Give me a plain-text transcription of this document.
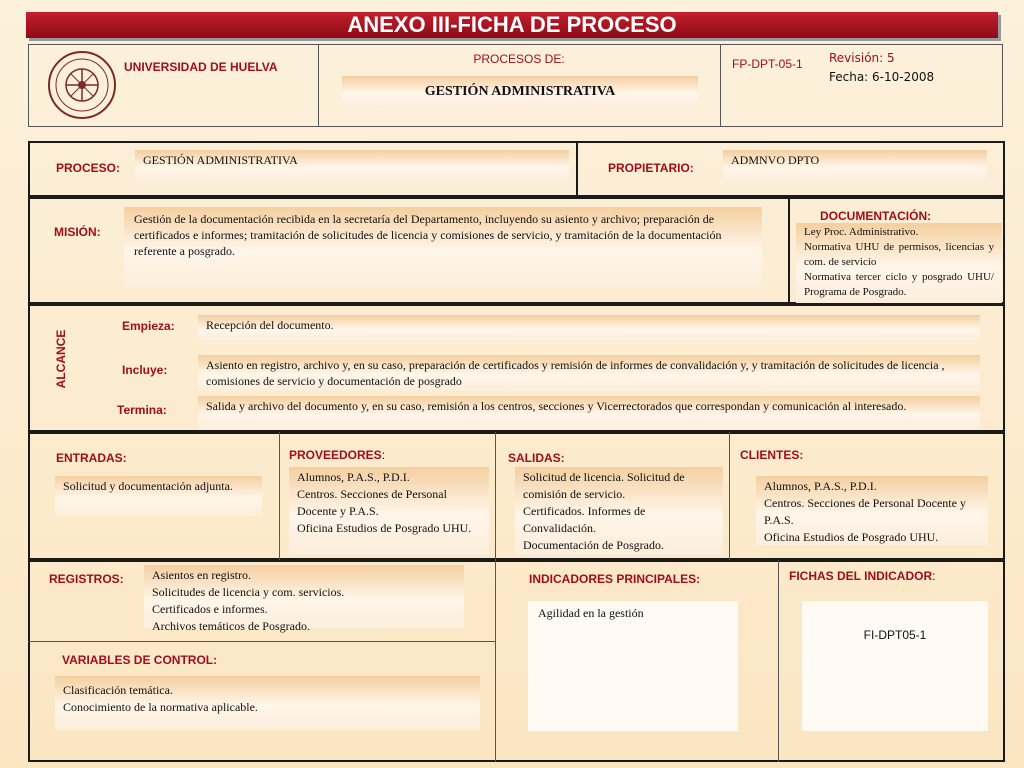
ANEXO III-FICHA DE PROCESO
UNIVERSIDAD DE HUELVA
PROCESOS DE:
GESTIÓN ADMINISTRATIVA
FP-DPT-05-1 Revisión: 5
Fecha: 6-10-2008
PROCESO:
GESTIÓN ADMINISTRATIVA
PROPIETARIO:
ADMNVO DPTO
MISIÓN:
Gestión de la documentación recibida en la secretaría del Departamento, incluyendo su asiento y archivo; preparación de certificados e informes; tramitación de solicitudes de licencia y comisiones de servicio, y tramitación de la documentación referente a posgrado.
DOCUMENTACIÓN:
Ley Proc. Administrativo.
Normativa UHU de permisos, licencias y com. de servicio
Normativa tercer ciclo y posgrado UHU/ Programa de Posgrado.
ALCANCE
Empieza:	Recepción del documento.
Incluye:	Asiento en registro, archivo y, en su caso, preparación de certificados y remisión de informes de convalidación y, y tramitación de solicitudes de licencia , comisiones de servicio y documentación de posgrado
Termina:	Salida y archivo del documento y, en su caso, remisión a los centros, secciones y Vicerrectorados que correspondan y comunicación al interesado.
ENTRADAS:
Solicitud y documentación adjunta.
PROVEEDORES:
Alumnos, P.A.S., P.D.I.
Centros. Secciones de Personal Docente y P.A.S.
Oficina Estudios de Posgrado UHU.
SALIDAS:
Solicitud de licencia. Solicitud de comisión de servicio.
Certificados. Informes de Convalidación.
Documentación de Posgrado.
CLIENTES:
Alumnos, P.A.S., P.D.I.
Centros. Secciones de Personal Docente y P.A.S.
Oficina Estudios de Posgrado UHU.
REGISTROS:	Asientos en registro.
Solicitudes de licencia y com. servicios.
Certificados e informes.
Archivos temáticos de Posgrado.
VARIABLES DE CONTROL:
Clasificación temática.
Conocimiento de la normativa aplicable.
INDICADORES PRINCIPALES:
Agilidad en la gestión
FICHAS DEL INDICADOR:
FI-DPT05-1
